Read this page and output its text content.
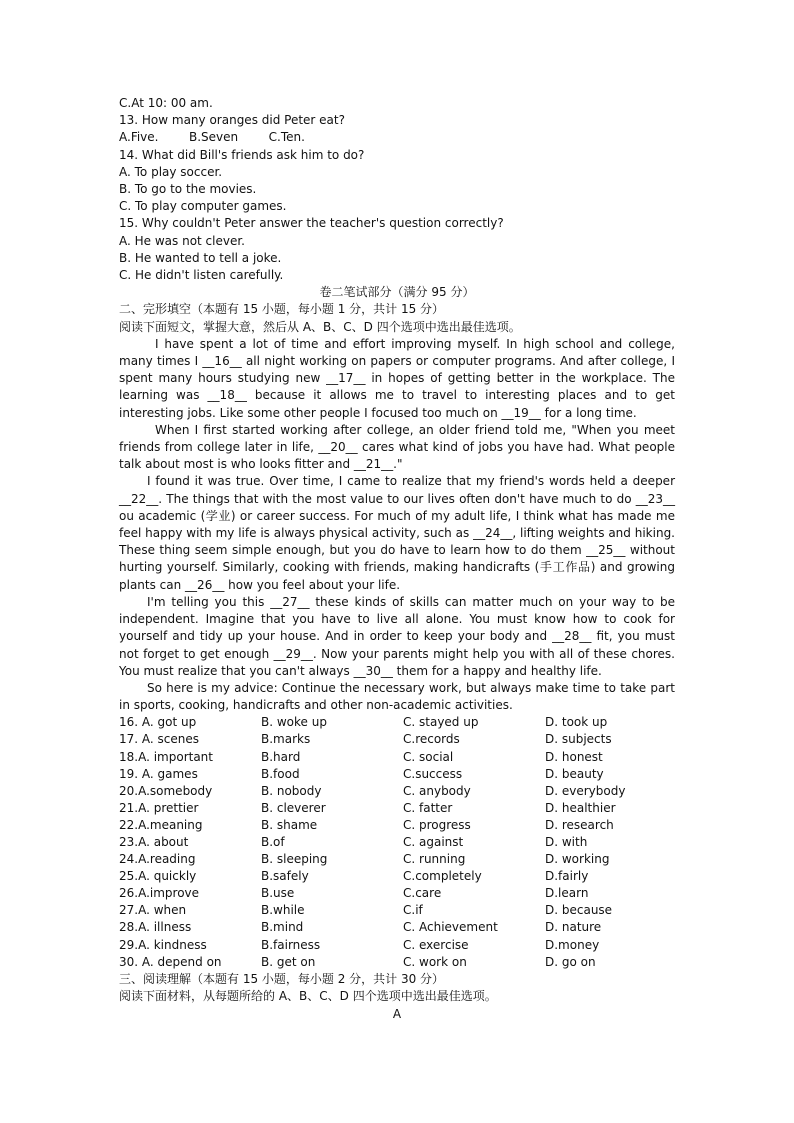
C.At 10: 00 am.
13. How many oranges did Peter eat?
A.Five.        B.Seven        C.Ten.
14. What did Bill's friends ask him to do?
A. To play soccer.
B. To go to the movies.
C. To play computer games.
15. Why couldn't Peter answer the teacher's question correctly?
A. He was not clever.
B. He wanted to tell a joke.
C. He didn't listen carefully.
卷二笔试部分（满分 95 分）
二、完形填空（本题有 15 小题，每小题 1 分，共计 15 分）
阅读下面短文，掌握大意，然后从 A、B、C、D 四个选项中选出最佳选项。

I have spent a lot of time and effort improving myself. In high school and college, many times I __16__ all night working on papers or computer programs. And after college, I spent many hours studying new __17__ in hopes of getting better in the workplace. The learning was __18__ because it allows me to travel to interesting places and to get interesting jobs. Like some other people I focused too much on __19__ for a long time.

When I first started working after college, an older friend told me, "When you meet friends from college later in life, __20__ cares what kind of jobs you have had. What people talk about most is who looks fitter and __21__."

I found it was true. Over time, I came to realize that my friend's words held a deeper __22__. The things that with the most value to our lives often don't have much to do __23__ ou academic (学业) or career success. For much of my adult life, I think what has made me feel happy with my life is always physical activity, such as __24__, lifting weights and hiking. These thing seem simple enough, but you do have to learn how to do them __25__ without hurting yourself. Similarly, cooking with friends, making handicrafts (手工作品) and growing plants can __26__ how you feel about your life.

I'm telling you this __27__ these kinds of skills can matter much on your way to be independent. Imagine that you have to live all alone. You must know how to cook for yourself and tidy up your house. And in order to keep your body and __28__ fit, you must not forget to get enough __29__. Now your parents might help you with all of these chores. You must realize that you can't always __30__ them for a happy and healthy life.

So here is my advice: Continue the necessary work, but always make time to take part in sports, cooking, handicrafts and other non-academic activities.

16. A. got up	B. woke up	C. stayed up	D. took up
17. A. scenes	B.marks	C.records	D. subjects
18.A. important	B.hard	C. social	D. honest
19. A. games	B.food	C.success	D. beauty
20.A.somebody	B. nobody	C. anybody	D. everybody
21.A. prettier	B. cleverer	C. fatter	D. healthier
22.A.meaning	B. shame	C. progress	D. research
23.A. about	B.of	C. against	D. with
24.A.reading	B. sleeping	C. running	D. working
25.A. quickly	B.safely	C.completely	D.fairly
26.A.improve	B.use	C.care	D.learn
27.A. when	B.while	C.if	D. because
28.A. illness	B.mind	C. Achievement	D. nature
29.A. kindness	B.fairness	C. exercise	D.money
30. A. depend on	B. get on	C. work on	D. go on
三、阅读理解（本题有 15 小题，每小题 2 分，共计 30 分）
阅读下面材料，从每题所给的 A、B、C、D 四个选项中选出最佳选项。
A
